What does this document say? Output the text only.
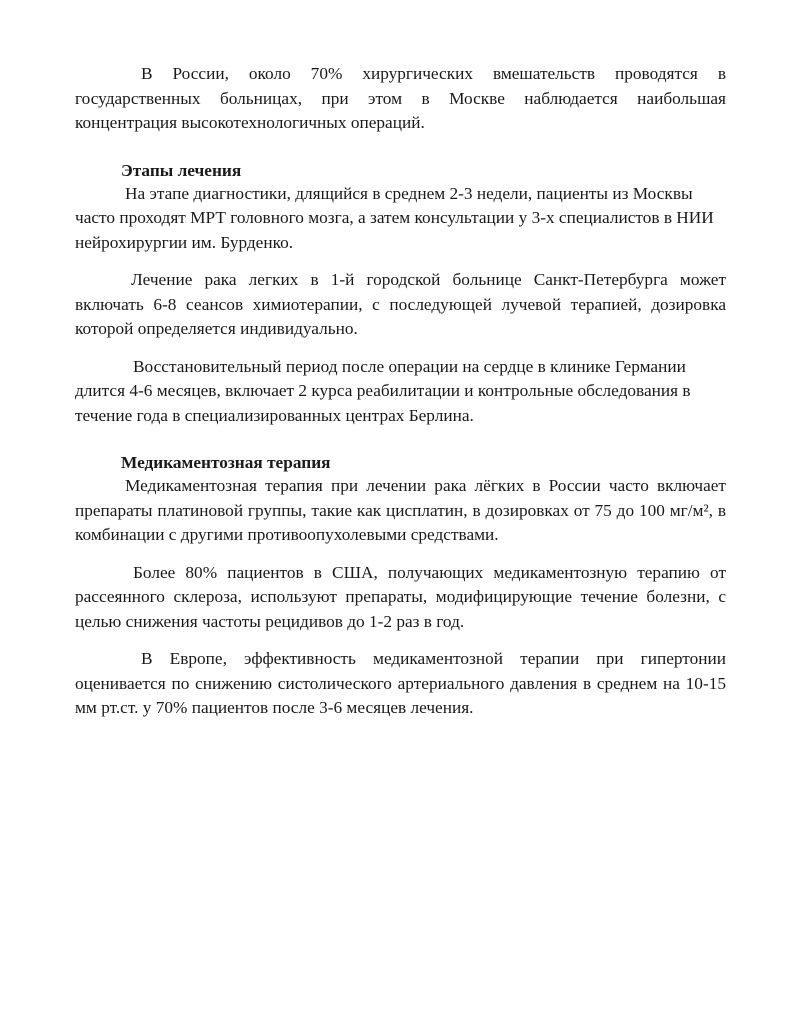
В России, около 70% хирургических вмешательств проводятся в государственных больницах, при этом в Москве наблюдается наибольшая концентрация высокотехнологичных операций.

Этапы лечения

На этапе диагностики, длящийся в среднем 2-3 недели, пациенты из Москвы часто проходят МРТ головного мозга, а затем консультации у 3-х специалистов в НИИ нейрохирургии им. Бурденко.

Лечение рака легких в 1-й городской больнице Санкт-Петербурга может включать 6-8 сеансов химиотерапии, с последующей лучевой терапией, дозировка которой определяется индивидуально.

Восстановительный период после операции на сердце в клинике Германии длится 4-6 месяцев, включает 2 курса реабилитации и контрольные обследования в течение года в специализированных центрах Берлина.

Медикаментозная терапия

Медикаментозная терапия при лечении рака лёгких в России часто включает препараты платиновой группы, такие как цисплатин, в дозировках от 75 до 100 мг/м², в комбинации с другими противоопухолевыми средствами.

Более 80% пациентов в США, получающих медикаментозную терапию от рассеянного склероза, используют препараты, модифицирующие течение болезни, с целью снижения частоты рецидивов до 1-2 раз в год.

В Европе, эффективность медикаментозной терапии при гипертонии оценивается по снижению систолического артериального давления в среднем на 10-15 мм рт.ст. у 70% пациентов после 3-6 месяцев лечения.
